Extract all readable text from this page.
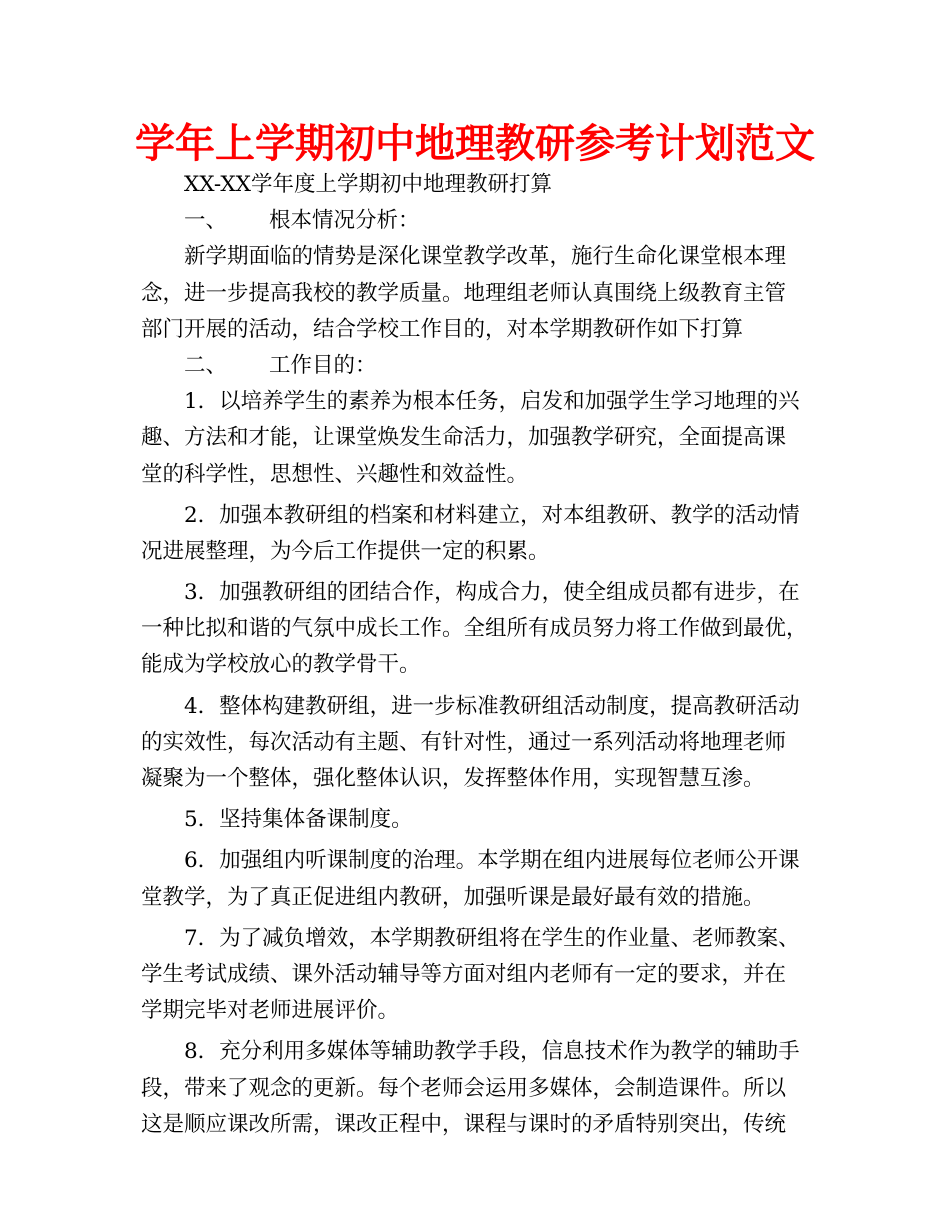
学年上学期初中地理教研参考计划范文
XX-XX学年度上学期初中地理教研打算
一、 根本情况分析：
新学期面临的情势是深化课堂教学改革，施行生命化课堂根本理
念，进一步提高我校的教学质量。地理组老师认真围绕上级教育主管
部门开展的活动，结合学校工作目的，对本学期教研作如下打算
二、 工作目的：
1．以培养学生的素养为根本任务，启发和加强学生学习地理的兴
趣、方法和才能，让课堂焕发生命活力，加强教学研究，全面提高课
堂的科学性，思想性、兴趣性和效益性。
2．加强本教研组的档案和材料建立，对本组教研、教学的活动情
况进展整理，为今后工作提供一定的积累。
3．加强教研组的团结合作，构成合力，使全组成员都有进步，在
一种比拟和谐的气氛中成长工作。全组所有成员努力将工作做到最优，
能成为学校放心的教学骨干。
4．整体构建教研组，进一步标准教研组活动制度，提高教研活动
的实效性，每次活动有主题、有针对性，通过一系列活动将地理老师
凝聚为一个整体，强化整体认识，发挥整体作用，实现智慧互渗。
5．坚持集体备课制度。
6．加强组内听课制度的治理。本学期在组内进展每位老师公开课
堂教学，为了真正促进组内教研，加强听课是最好最有效的措施。
7．为了减负增效，本学期教研组将在学生的作业量、老师教案、
学生考试成绩、课外活动辅导等方面对组内老师有一定的要求，并在
学期完毕对老师进展评价。
8．充分利用多媒体等辅助教学手段，信息技术作为教学的辅助手
段，带来了观念的更新。每个老师会运用多媒体，会制造课件。所以
这是顺应课改所需，课改正程中，课程与课时的矛盾特别突出，传统
